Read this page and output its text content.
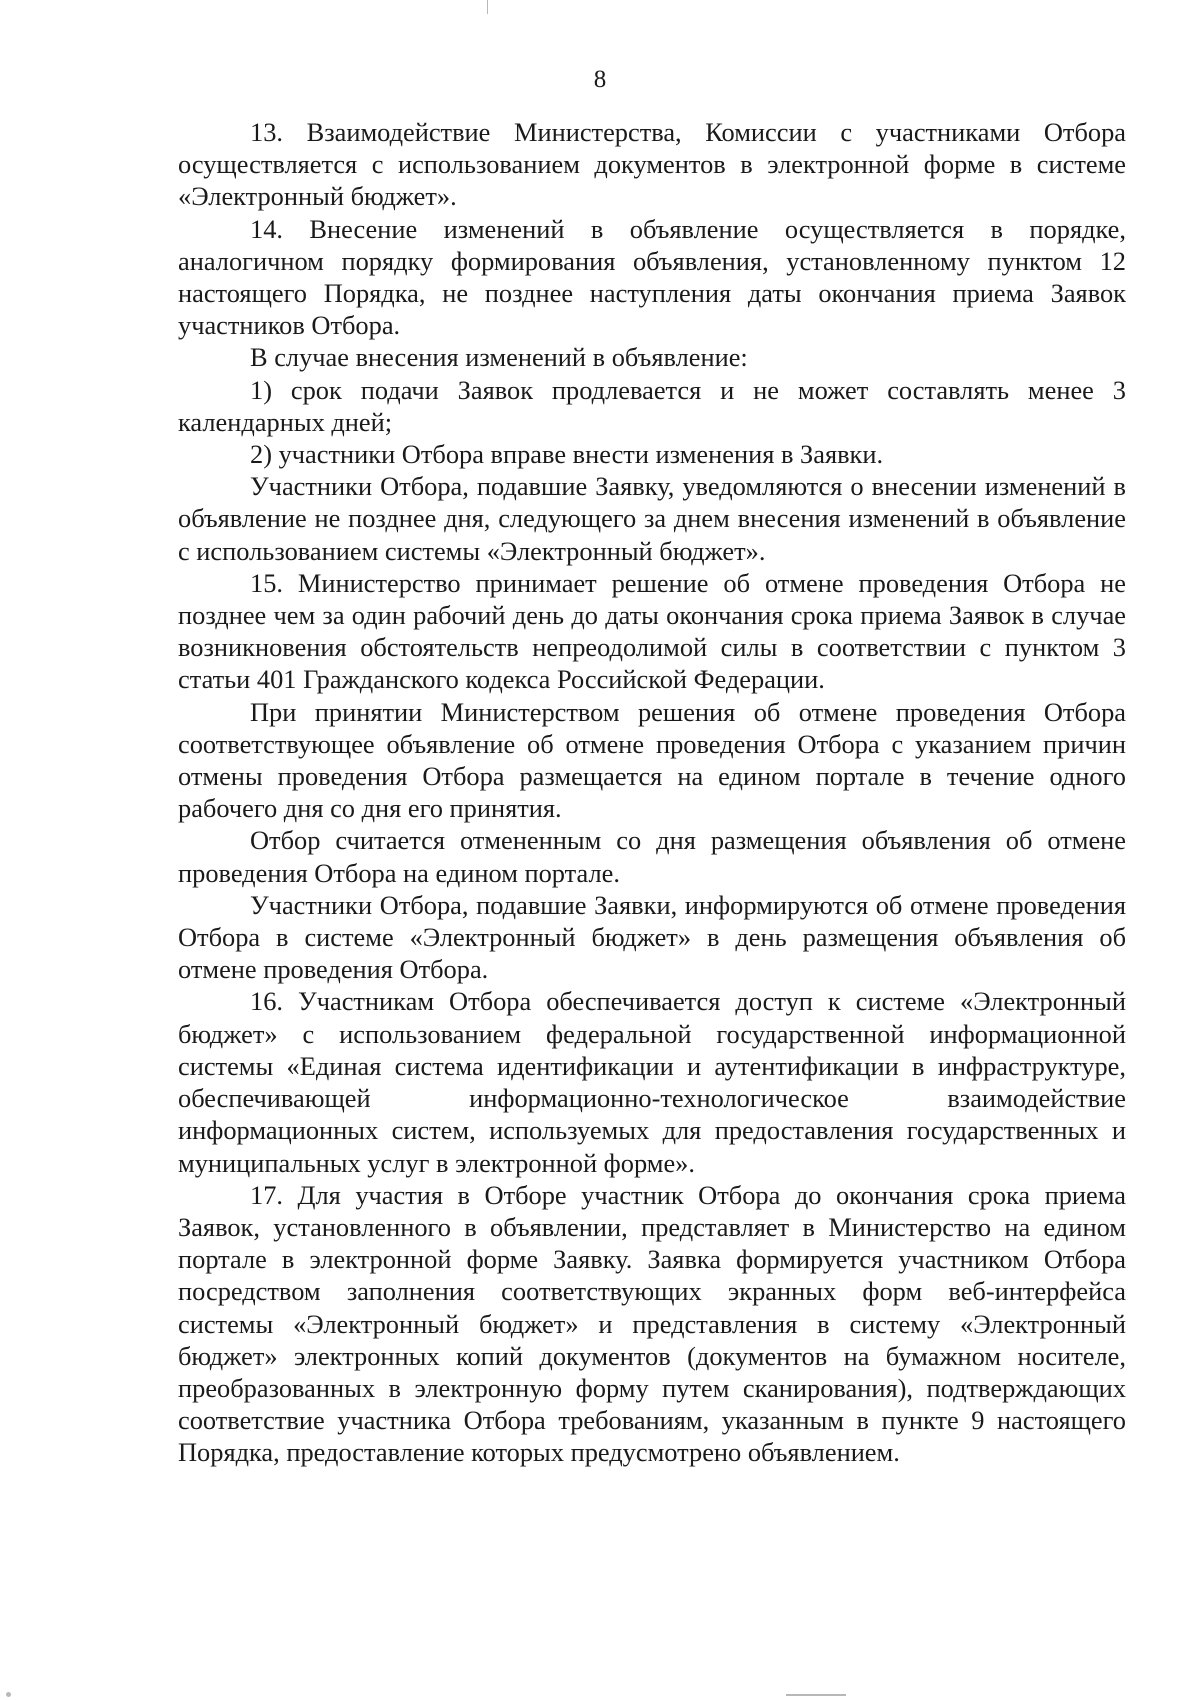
8

13. Взаимодействие Министерства, Комиссии с участниками Отбора осуществляется с использованием документов в электронной форме в системе «Электронный бюджет».

14. Внесение изменений в объявление осуществляется в порядке, аналогичном порядку формирования объявления, установленному пунктом 12 настоящего Порядка, не позднее наступления даты окончания приема Заявок участников Отбора.

В случае внесения изменений в объявление:

1) срок подачи Заявок продлевается и не может составлять менее 3 календарных дней;

2) участники Отбора вправе внести изменения в Заявки.

Участники Отбора, подавшие Заявку, уведомляются о внесении изменений в объявление не позднее дня, следующего за днем внесения изменений в объявление с использованием системы «Электронный бюджет».

15. Министерство принимает решение об отмене проведения Отбора не позднее чем за один рабочий день до даты окончания срока приема Заявок в случае возникновения обстоятельств непреодолимой силы в соответствии с пунктом 3 статьи 401 Гражданского кодекса Российской Федерации.

При принятии Министерством решения об отмене проведения Отбора соответствующее объявление об отмене проведения Отбора с указанием причин отмены проведения Отбора размещается на едином портале в течение одного рабочего дня со дня его принятия.

Отбор считается отмененным со дня размещения объявления об отмене проведения Отбора на едином портале.

Участники Отбора, подавшие Заявки, информируются об отмене проведения Отбора в системе «Электронный бюджет» в день размещения объявления об отмене проведения Отбора.

16. Участникам Отбора обеспечивается доступ к системе «Электронный бюджет» с использованием федеральной государственной информационной системы «Единая система идентификации и аутентификации в инфраструктуре, обеспечивающей информационно-технологическое взаимодействие информационных систем, используемых для предоставления государственных и муниципальных услуг в электронной форме».

17. Для участия в Отборе участник Отбора до окончания срока приема Заявок, установленного в объявлении, представляет в Министерство на едином портале в электронной форме Заявку. Заявка формируется участником Отбора посредством заполнения соответствующих экранных форм веб-интерфейса системы «Электронный бюджет» и представления в систему «Электронный бюджет» электронных копий документов (документов на бумажном носителе, преобразованных в электронную форму путем сканирования), подтверждающих соответствие участника Отбора требованиям, указанным в пункте 9 настоящего Порядка, предоставление которых предусмотрено объявлением.
